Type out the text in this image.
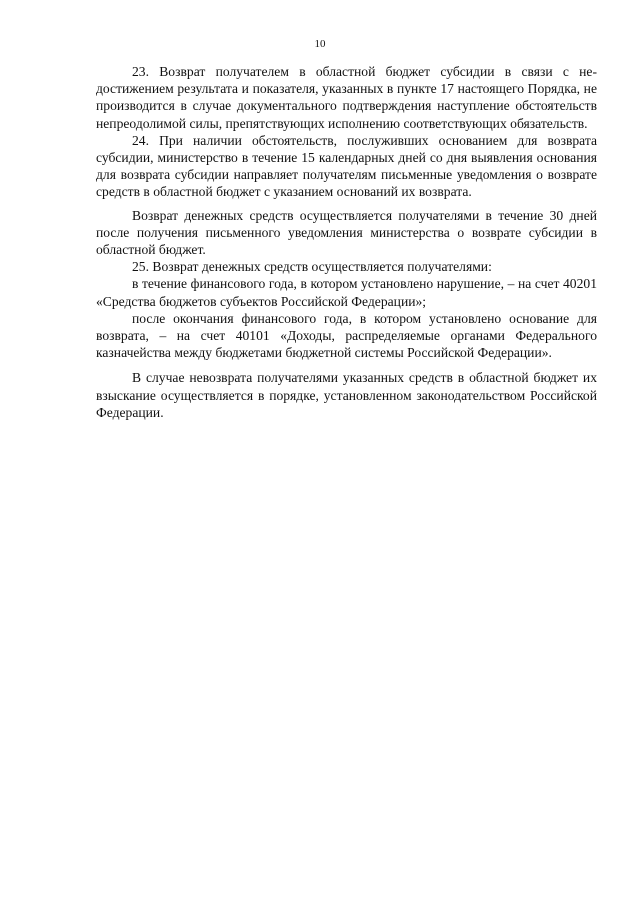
10

23. Возврат получателем в областной бюджет субсидии в связи с недостижением результата и показателя, указанных в пункте 17 настоящего Порядка, не производится в случае документального подтверждения наступление обстоятельств непреодолимой силы, препятствующих исполнению соответствующих обязательств.

24. При наличии обстоятельств, послуживших основанием для возврата субсидии, министерство в течение 15 календарных дней со дня выявления основания для возврата субсидии направляет получателям письменные уведомления о возврате средств в областной бюджет с указанием оснований их возврата.

Возврат денежных средств осуществляется получателями в течение 30 дней после получения письменного уведомления министерства о возврате субсидии в областной бюджет.

25. Возврат денежных средств осуществляется получателями:

в течение финансового года, в котором установлено нарушение, – на счет 40201 «Средства бюджетов субъектов Российской Федерации»;

после окончания финансового года, в котором установлено основание для возврата, – на счет 40101 «Доходы, распределяемые органами Федерального казначейства между бюджетами бюджетной системы Российской Федерации».

В случае невозврата получателями указанных средств в областной бюджет их взыскание осуществляется в порядке, установленном законодательством Российской Федерации.
